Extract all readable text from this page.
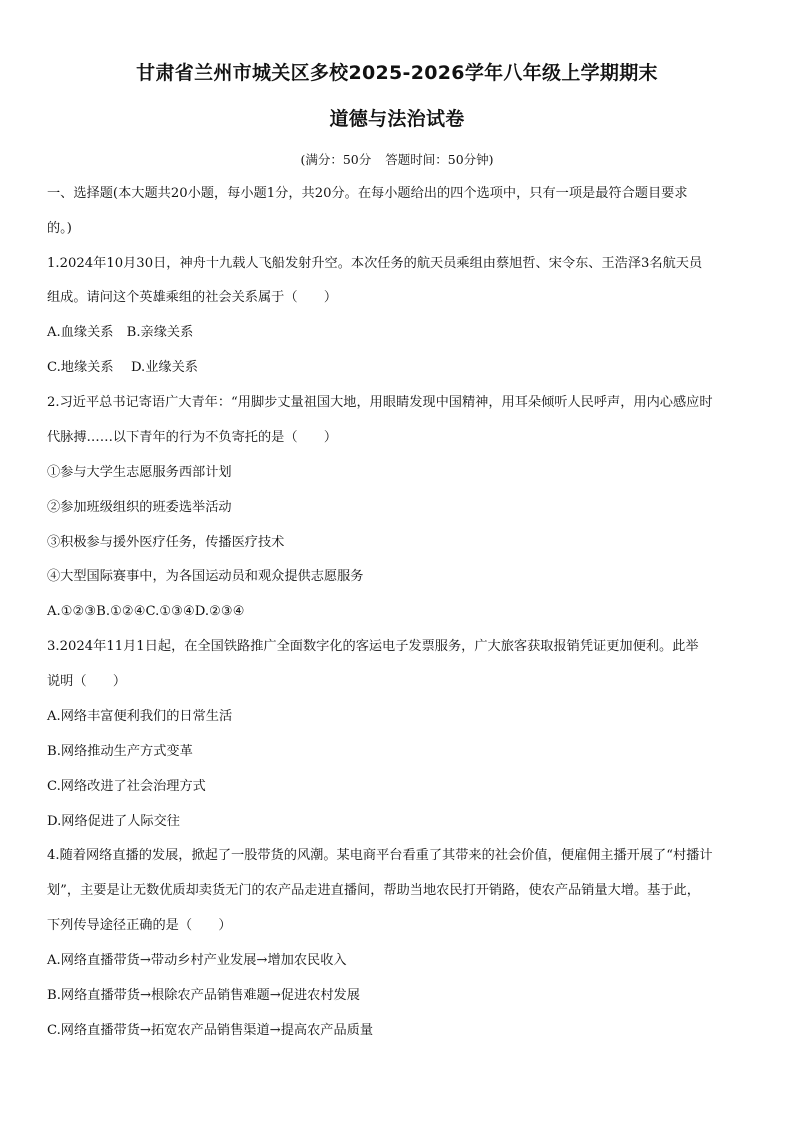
甘肃省兰州市城关区多校2025-2026学年八年级上学期期末
道德与法治试卷
(满分：50分 答题时间：50分钟)
一、选择题(本大题共20小题，每小题1分，共20分。在每小题给出的四个选项中，只有一项是最符合题目要求
的。)
1.2024年10月30日，神舟十九载人飞船发射升空。本次任务的航天员乘组由蔡旭哲、宋令东、王浩泽3名航天员
组成。请问这个英雄乘组的社会关系属于（　　）
A.血缘关系　B.亲缘关系
C.地缘关系　 D.业缘关系
2.习近平总书记寄语广大青年：“用脚步丈量祖国大地，用眼睛发现中国精神，用耳朵倾听人民呼声，用内心感应时
代脉搏……以下青年的行为不负寄托的是（　　）
①参与大学生志愿服务西部计划
②参加班级组织的班委选举活动
③积极参与援外医疗任务，传播医疗技术
④大型国际赛事中，为各国运动员和观众提供志愿服务
A.①②③B.①②④C.①③④D.②③④
3.2024年11月1日起，在全国铁路推广全面数字化的客运电子发票服务，广大旅客获取报销凭证更加便利。此举
说明（　　）
A.网络丰富便利我们的日常生活
B.网络推动生产方式变革
C.网络改进了社会治理方式
D.网络促进了人际交往
4.随着网络直播的发展，掀起了一股带货的风潮。某电商平台看重了其带来的社会价值，便雇佣主播开展了“村播计
划”，主要是让无数优质却卖货无门的农产品走进直播间，帮助当地农民打开销路，使农产品销量大增。基于此，
下列传导途径正确的是（　　）
A.网络直播带货→带动乡村产业发展→增加农民收入
B.网络直播带货→根除农产品销售难题→促进农村发展
C.网络直播带货→拓宽农产品销售渠道→提高农产品质量
